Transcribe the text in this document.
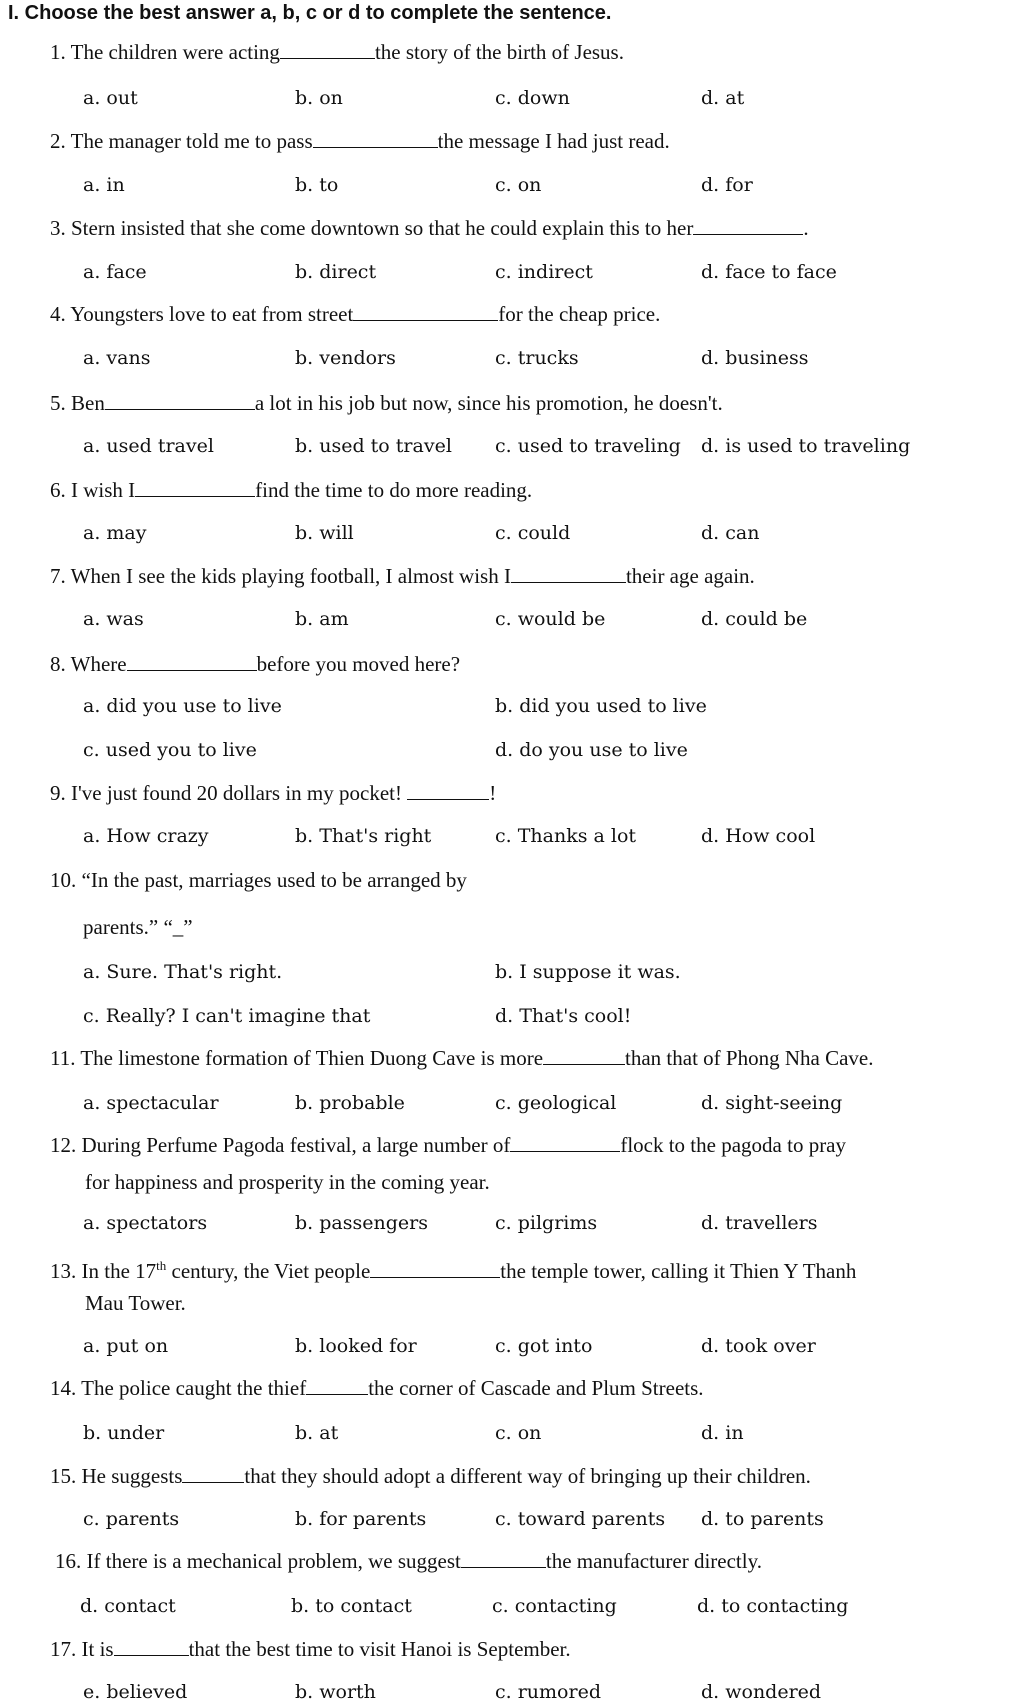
I. Choose the best answer a, b, c or d to complete the sentence.
1. The children were acting	the story of the birth of Jesus.
a. out	b. on	c. down	d. at
2. The manager told me to pass	the message I had just read.
a. in	b. to	c. on	d. for
3. Stern insisted that she come downtown so that he could explain this to her	.
a. face	b. direct	c. indirect	d. face to face
4. Youngsters love to eat from street	for the cheap price.
a. vans	b. vendors	c. trucks	d. business
5. Ben	a lot in his job but now, since his promotion, he doesn't.
a. used travel	b. used to travel c. used to traveling d. is used to traveling
6. I wish I	find the time to do more reading.
a. may	b. will	c. could	d. can
7. When I see the kids playing football, I almost wish I	their age again.
a. was	b. am	c. would be	d. could be
8. Where	before you moved here?
a. did you use to live	b. did you used to live
c. used you to live	d. do you use to live
9. I've just found 20 dollars in my pocket!	!
a. How crazy	b. That's right	c. Thanks a lot	d. How cool
10. “In the past, marriages used to be arranged by
parents.” “_”
a. Sure. That's right.	b. I suppose it was.
c. Really? I can't imagine that	d. That's cool!
11. The limestone formation of Thien Duong Cave is more	than that of Phong Nha Cave.
a. spectacular	b. probable	c. geological	d. sight-seeing
12. During Perfume Pagoda festival, a large number of	flock to the pagoda to pray
for happiness and prosperity in the coming year.
a. spectators	b. passengers	c. pilgrims	d. travellers
13. In the 17th century, the Viet people	the temple tower, calling it Thien Y Thanh
Mau Tower.
a. put on	b. looked for	c. got into	d. took over
14. The police caught the thief	the corner of Cascade and Plum Streets.
b. under	b. at	c. on	d. in
15. He suggests	that they should adopt a different way of bringing up their children.
c. parents	b. for parents	c. toward parents d. to parents
16. If there is a mechanical problem, we suggest	the manufacturer directly.
d. contact	b. to contact	c. contacting	d. to contacting
17. It is	that the best time to visit Hanoi is September.
e. believed	b. worth	c. rumored	d. wondered
